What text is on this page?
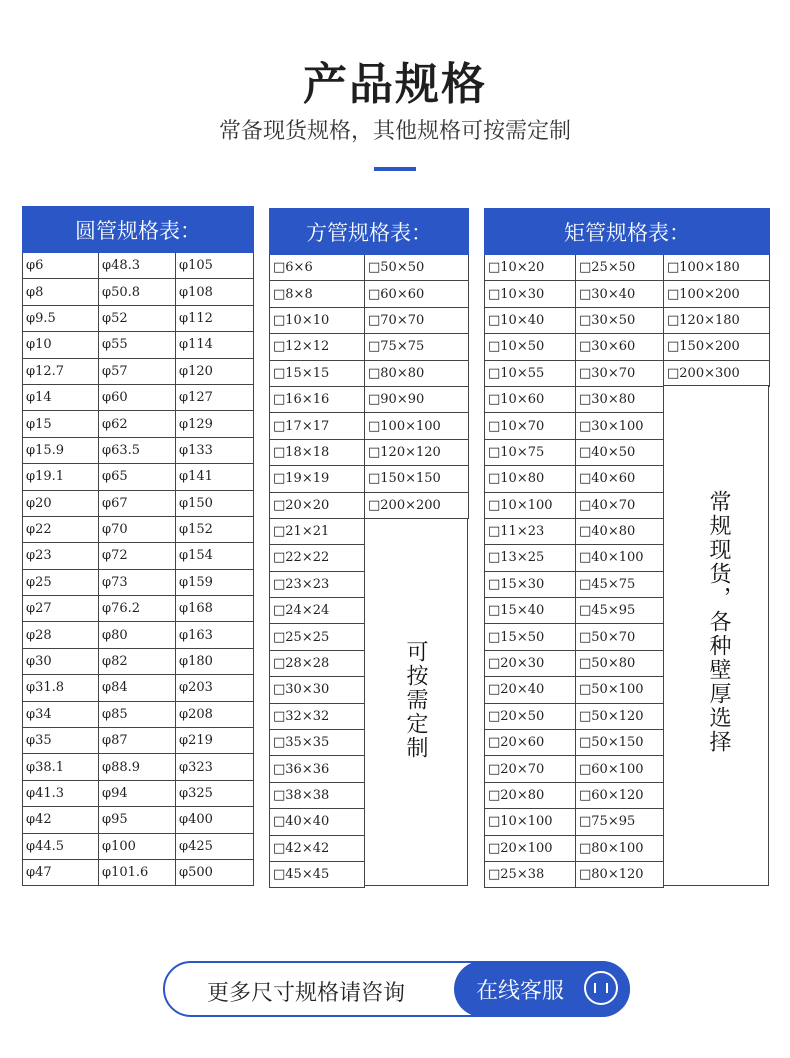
产品规格
常备现货规格，其他规格可按需定制
圆管规格表：		
φ6	φ48.3	φ105
φ8	φ50.8	φ108
φ9.5	φ52	φ112
φ10	φ55	φ114
φ12.7	φ57	φ120
φ14	φ60	φ127
φ15	φ62	φ129
φ15.9	φ63.5	φ133
φ19.1	φ65	φ141
φ20	φ67	φ150
φ22	φ70	φ152
φ23	φ72	φ154
φ25	φ73	φ159
φ27	φ76.2	φ168
φ28	φ80	φ163
φ30	φ82	φ180
φ31.8	φ84	φ203
φ34	φ85	φ208
φ35	φ87	φ219
φ38.1	φ88.9	φ323
φ41.3	φ94	φ325
φ42	φ95	φ400
φ44.5	φ100	φ425
φ47	φ101.6	φ500
方管规格表：	
□6×6	□50×50
□8×8	□60×60
□10×10	□70×70
□12×12	□75×75
□15×15	□80×80
□16×16	□90×90
□17×17	□100×100
□18×18	□120×120
□19×19	□150×150
□20×20	□200×200
□21×21	
□22×22	
□23×23	
□24×24	
□25×25	
□28×28	
□30×30	
□32×32	
□35×35	
□36×36	
□38×38	
□40×40	
□42×42	
□45×45	
可按需定制
矩管规格表：		
□10×20	□25×50	□100×180
□10×30	□30×40	□100×200
□10×40	□30×50	□120×180
□10×50	□30×60	□150×200
□10×55	□30×70	□200×300
□10×60	□30×80	
□10×70	□30×100	
□10×75	□40×50	
□10×80	□40×60	
□10×100	□40×70	
□11×23	□40×80	
□13×25	□40×100	
□15×30	□45×75	
□15×40	□45×95	
□15×50	□50×70	
□20×30	□50×80	
□20×40	□50×100	
□20×50	□50×120	
□20×60	□50×150	
□20×70	□60×100	
□20×80	□60×120	
□10×100	□75×95	
□20×100	□80×100	
□25×38	□80×120	
常规现货，各种壁厚选择
更多尺寸规格请咨询	在线客服
